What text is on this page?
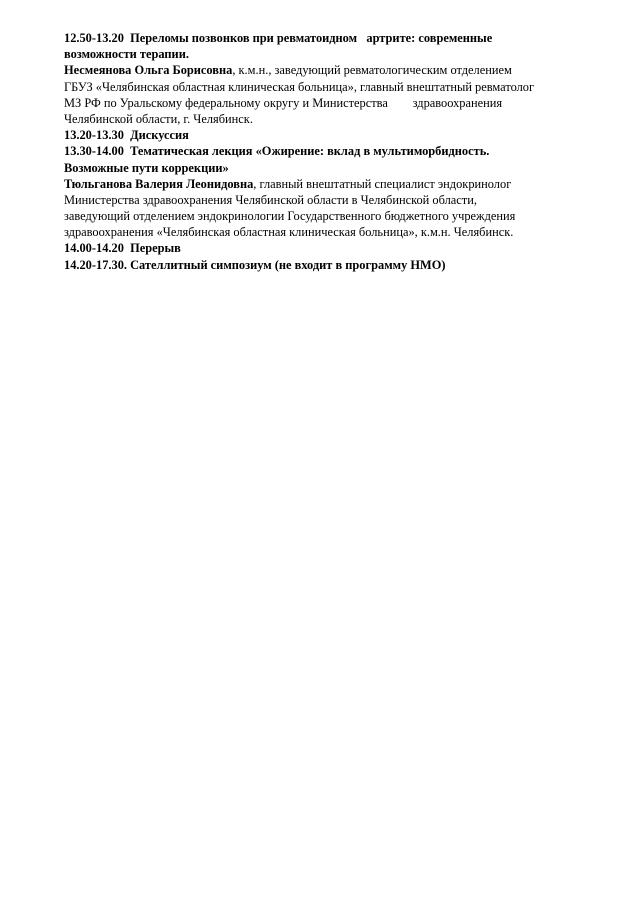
12.50-13.20 Переломы позвонков при ревматоидном   артрите: современные
возможности терапии.
Несмеянова Ольга Борисовна, к.м.н., заведующий ревматологическим отделением
ГБУЗ «Челябинская областная клиническая больница», главный внештатный ревматолог
МЗ РФ по Уральскому федеральному округу и Министерства        здравоохранения
Челябинской области, г. Челябинск.
13.20-13.30 Дискуссия
13.30-14.00 Тематическая лекция «Ожирение: вклад в мультиморбидность.
Возможные пути коррекции»
Тюльганова Валерия Леонидовна, главный внештатный специалист эндокринолог
Министерства здравоохранения Челябинской области в Челябинской области,
заведующий отделением эндокринологии Государственного бюджетного учреждения
здравоохранения «Челябинская областная клиническая больница», к.м.н. Челябинск.
14.00-14.20 Перерыв
14.20-17.30. Сателлитный симпозиум (не входит в программу НМО)
